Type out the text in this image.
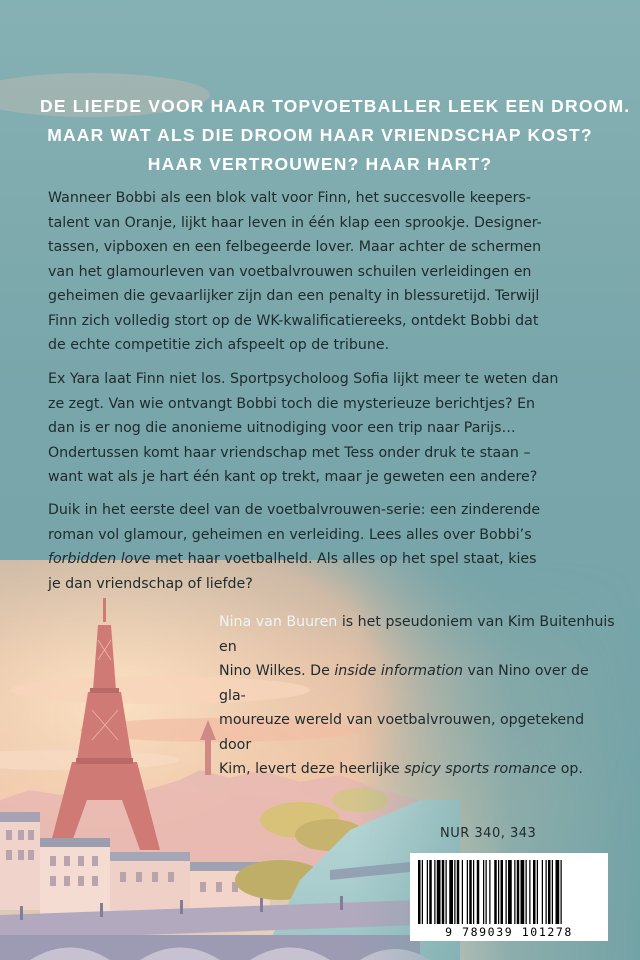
DE LIEFDE VOOR HAAR TOPVOETBALLER LEEK EEN DROOM.
MAAR WAT ALS DIE DROOM HAAR VRIENDSCHAP KOST?
HAAR VERTROUWEN? HAAR HART?

Wanneer Bobbi als een blok valt voor Finn, het succesvolle keepers-

talent van Oranje, lijkt haar leven in één klap een sprookje. Designer-

tassen, vipboxen en een felbegeerde lover. Maar achter de schermen

van het glamourleven van voetbalvrouwen schuilen verleidingen en

geheimen die gevaarlijker zijn dan een penalty in blessuretijd. Terwijl

Finn zich volledig stort op de WK-kwalificatiereeks, ontdekt Bobbi dat

de echte competitie zich afspeelt op de tribune.

Ex Yara laat Finn niet los. Sportpsycholoog Sofia lijkt meer te weten dan

ze zegt. Van wie ontvangt Bobbi toch die mysterieuze berichtjes? En

dan is er nog die anonieme uitnodiging voor een trip naar Parijs…

Ondertussen komt haar vriendschap met Tess onder druk te staan –

want wat als je hart één kant op trekt, maar je geweten een andere?

Duik in het eerste deel van de voetbalvrouwen-serie: een zinderende

roman vol glamour, geheimen en verleiding. Lees alles over Bobbi’s

forbidden love met haar voetbalheld. Als alles op het spel staat, kies

je dan vriendschap of liefde?

Nina van Buuren is het pseudoniem van Kim Buitenhuis en
Nino Wilkes. De inside information van Nino over de gla-
moureuze wereld van voetbalvrouwen, opgetekend door
Kim, levert deze heerlijke spicy sports romance op.
NUR 340, 343
9 789039 101278
